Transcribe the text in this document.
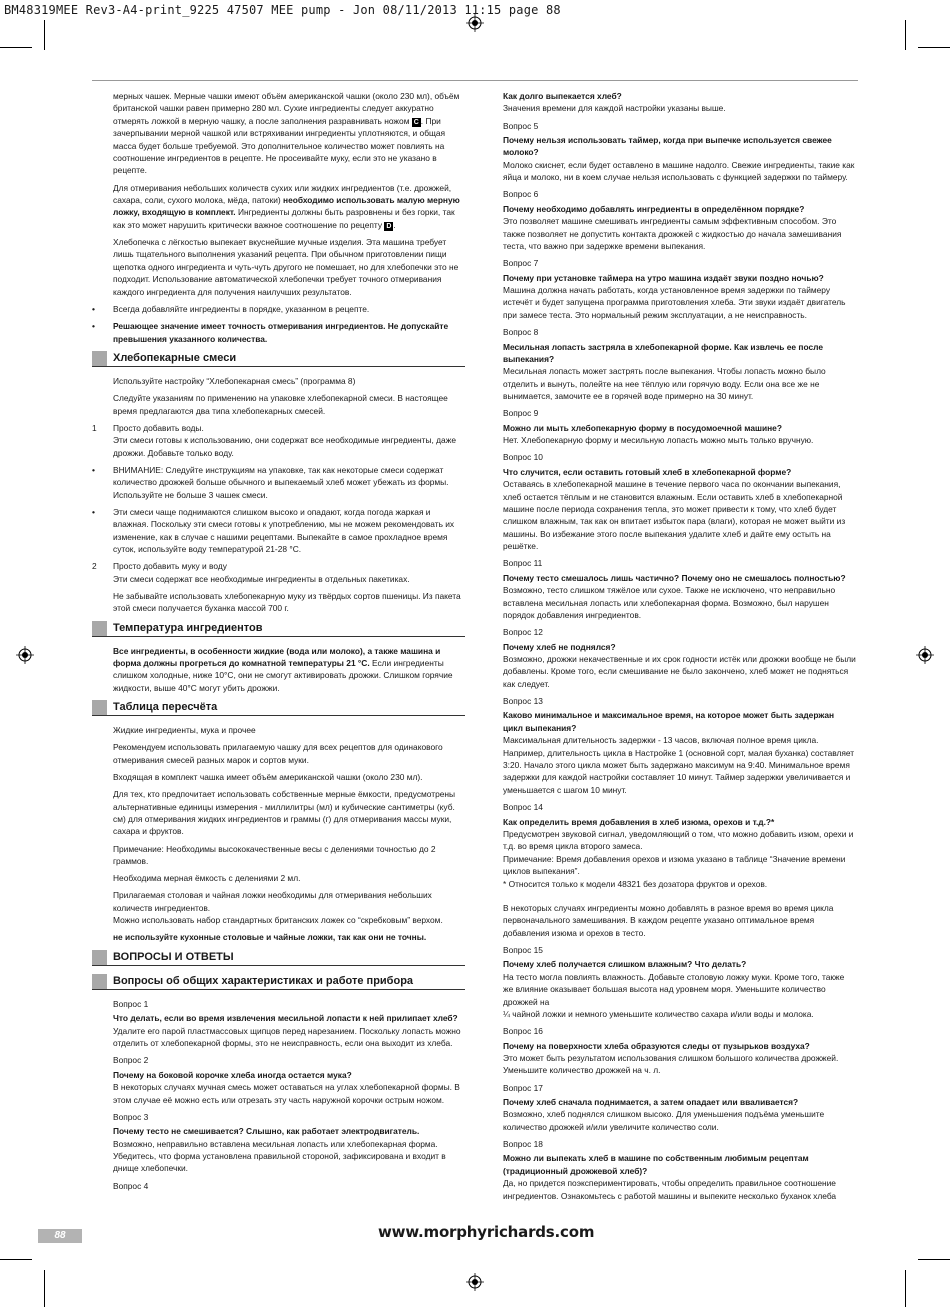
BM48319MEE Rev3-A4-print_9225 47507 MEE pump - Jon 08/11/2013 11:15 page 88

мерных чашек. Мерные чашки имеют объём американской чашки (около 230 мл), объём британской чашки равен примерно 280 мл. Сухие ингредиенты следует аккуратно отмерять ложкой в мерную чашку, а после заполнения разравнивать ножом C . При зачерпывании мерной чашкой или встряхивании ингредиенты уплотняются, и общая масса будет больше требуемой. Это дополнительное количество может повлиять на соотношение ингредиентов в рецепте. Не просеивайте муку, если это не указано в рецепте.

Для отмеривания небольших количеств сухих или жидких ингредиентов (т.е. дрожжей, сахара, соли, сухого молока, мёда, патоки) необходимо использовать малую мерную ложку, входящую в комплект. Ингредиенты должны быть разровнены и без горки, так как это может нарушить критически важное соотношение по рецепту D .

Хлебопечка с лёгкостью выпекает вкуснейшие мучные изделия. Эта машина требует лишь тщательного выполнения указаний рецепта. При обычном приготовлении пищи щепотка одного ингредиента и чуть-чуть другого не помешает, но для хлебопечки это не подходит. Использование автоматической хлебопечки требует точного отмеривания каждого ингредиента для получения наилучших результатов.

• Всегда добавляйте ингредиенты в порядке, указанном в рецепте.
• Решающее значение имеет точность отмеривания ингредиентов. Не допускайте превышения указанного количества.
Хлебопекарные смеси

Используйте настройку “Хлебопекарная смесь” (программа 8)

Следуйте указаниям по применению на упаковке хлебопекарной смеси. В настоящее время предлагаются два типа хлебопекарных смесей.

1 Просто добавить воды.
Эти смеси готовы к использованию, они содержат все необходимые ингредиенты, даже дрожжи. Добавьте только воду.
• ВНИМАНИЕ: Следуйте инструкциям на упаковке, так как некоторые смеси содержат количество дрожжей больше обычного и выпекаемый хлеб может убежать из формы. Используйте не больше 3 чашек смеси.
• Эти смеси чаще поднимаются слишком высоко и опадают, когда погода жаркая и влажная. Поскольку эти смеси готовы к употреблению, мы не можем рекомендовать их изменение, как в случае с нашими рецептами. Выпекайте в самое прохладное время суток, используйте воду температурой 21-28 °С.
2 Просто добавить муку и воду
Эти смеси содержат все необходимые ингредиенты в отдельных пакетиках.

Не забывайте использовать хлебопекарную муку из твёрдых сортов пшеницы. Из пакета этой смеси получается буханка массой 700 г.

Температура ингредиентов

Все ингредиенты, в особенности жидкие (вода или молоко), а также машина и форма должны прогреться до комнатной температуры 21 °С. Если ингредиенты слишком холодные, ниже 10°С, они не смогут активировать дрожжи. Слишком горячие жидкости, выше 40°С могут убить дрожжи.

Таблица пересчёта

Жидкие ингредиенты, мука и прочее

Рекомендуем использовать прилагаемую чашку для всех рецептов для одинакового отмеривания смесей разных марок и сортов муки.

Входящая в комплект чашка имеет объём американской чашки (около 230 мл).

Для тех, кто предпочитает использовать собственные мерные ёмкости, предусмотрены альтернативные единицы измерения - миллилитры (мл) и кубические сантиметры (куб. см) для отмеривания жидких ингредиентов и граммы (г) для отмеривания массы муки, сахара и фруктов.

Примечание: Необходимы высококачественные весы с делениями точностью до 2 граммов.

Необходима мерная ёмкость с делениями 2 мл.

Прилагаемая столовая и чайная ложки необходимы для отмеривания небольших количеств ингредиентов.

Можно использовать набор стандартных британских ложек со “скребковым” верхом.

не используйте кухонные столовые и чайные ложки, так как они не точны.

ВОПРОСЫ И ОТВЕТЫ
Вопросы об общих характеристиках и работе прибора

Вопрос 1

Что делать, если во время извлечения месильной лопасти к ней прилипает хлеб?

Удалите его парой пластмассовых щипцов перед нарезанием. Поскольку лопасть можно отделить от хлебопекарной формы, это не неисправность, если она выходит из хлеба.

Вопрос 2

Почему на боковой корочке хлеба иногда остается мука?

В некоторых случаях мучная смесь может оставаться на углах хлебопекарной формы. В этом случае её можно есть или отрезать эту часть наружной корочки острым ножом.

Вопрос 3

Почему тесто не смешивается? Слышно, как работает электродвигатель.

Возможно, неправильно вставлена месильная лопасть или хлебопекарная форма. Убедитесь, что форма установлена правильной стороной, зафиксирована и входит в днище хлебопечки.

Вопрос 4

Как долго выпекается хлеб?

Значения времени для каждой настройки указаны выше.

Вопрос 5

Почему нельзя использовать таймер, когда при выпечке используется свежее молоко?

Молоко скиснет, если будет оставлено в машине надолго. Свежие ингредиенты, такие как яйца и молоко, ни в коем случае нельзя использовать с функцией задержки по таймеру.

Вопрос 6

Почему необходимо добавлять ингредиенты в определённом порядке?

Это позволяет машине смешивать ингредиенты самым эффективным способом. Это также позволяет не допустить контакта дрожжей с жидкостью до начала замешивания теста, что важно при задержке времени выпекания.

Вопрос 7

Почему при установке таймера на утро машина издаёт звуки поздно ночью?

Машина должна начать работать, когда установленное время задержки по таймеру истечёт и будет запущена программа приготовления хлеба. Эти звуки издаёт двигатель при замесе теста. Это нормальный режим эксплуатации, а не неисправность.

Вопрос 8

Месильная лопасть застряла в хлебопекарной форме. Как извлечь ее после выпекания?

Месильная лопасть может застрять после выпекания. Чтобы лопасть можно было отделить и вынуть, полейте на нее тёплую или горячую воду. Если она все же не вынимается, замочите ее в горячей воде примерно на 30 минут.

Вопрос 9

Можно ли мыть хлебопекарную форму в посудомоечной машине?

Нет. Хлебопекарную форму и месильную лопасть можно мыть только вручную.

Вопрос 10

Что случится, если оставить готовый хлеб в хлебопекарной форме?

Оставаясь в хлебопекарной машине в течение первого часа по окончании выпекания, хлеб остается тёплым и не становится влажным. Если оставить хлеб в хлебопекарной машине после периода сохранения тепла, это может привести к тому, что хлеб будет слишком влажным, так как он впитает избыток пара (влаги), которая не может выйти из машины. Во избежание этого после выпекания удалите хлеб и дайте ему остыть на решётке.

Вопрос 11

Почему тесто смешалось лишь частично? Почему оно не смешалось полностью?

Возможно, тесто слишком тяжёлое или сухое. Также не исключено, что неправильно вставлена месильная лопасть или хлебопекарная форма. Возможно, был нарушен порядок добавления ингредиентов.

Вопрос 12

Почему хлеб не поднялся?

Возможно, дрожжи некачественные и их срок годности истёк или дрожжи вообще не были добавлены. Кроме того, если смешивание не было закончено, хлеб может не подняться как следует.

Вопрос 13

Каково минимальное и максимальное время, на которое может быть задержан цикл выпекания?

Максимальная длительность задержки - 13 часов, включая полное время цикла. Например, длительность цикла в Настройке 1 (основной сорт, малая буханка) составляет 3:20. Начало этого цикла может быть задержано максимум на 9:40. Минимальное время задержки для каждой настройки составляет 10 минут. Таймер задержки увеличивается и уменьшается с шагом 10 минут.

Вопрос 14

Как определить время добавления в хлеб изюма, орехов и т.д.?*

Предусмотрен звуковой сигнал, уведомляющий о том, что можно добавить изюм, орехи и т.д. во время цикла второго замеса.

Примечание: Время добавления орехов и изюма указано в таблице “Значение времени циклов выпекания”.

* Относится только к модели 48321 без дозатора фруктов и орехов.

В некоторых случаях ингредиенты можно добавлять в разное время во время цикла первоначального замешивания. В каждом рецепте указано оптимальное время добавления изюма и орехов в тесто.

Вопрос 15

Почему хлеб получается слишком влажным? Что делать?

На тесто могла повлиять влажность. Добавьте столовую ложку муки. Кроме того, также же влияние оказывает большая высота над уровнем моря. Уменьшите количество дрожжей на

¼ чайной ложки и немного уменьшите количество сахара и/или воды и молока.

Вопрос 16

Почему на поверхности хлеба образуются следы от пузырьков воздуха?

Это может быть результатом использования слишком большого количества дрожжей. Уменьшите количество дрожжей на ч. л.

Вопрос 17

Почему хлеб сначала поднимается, а затем опадает или вваливается?

Возможно, хлеб поднялся слишком высоко. Для уменьшения подъёма уменьшите количество дрожжей и/или увеличите количество соли.

Вопрос 18

Можно ли выпекать хлеб в машине по собственным любимым рецептам (традиционный дрожжевой хлеб)?

Да, но придется поэкспериментировать, чтобы определить правильное соотношение ингредиентов. Ознакомьтесь с работой машины и выпеките несколько буханок хлеба

88	www.morphyrichards.com
